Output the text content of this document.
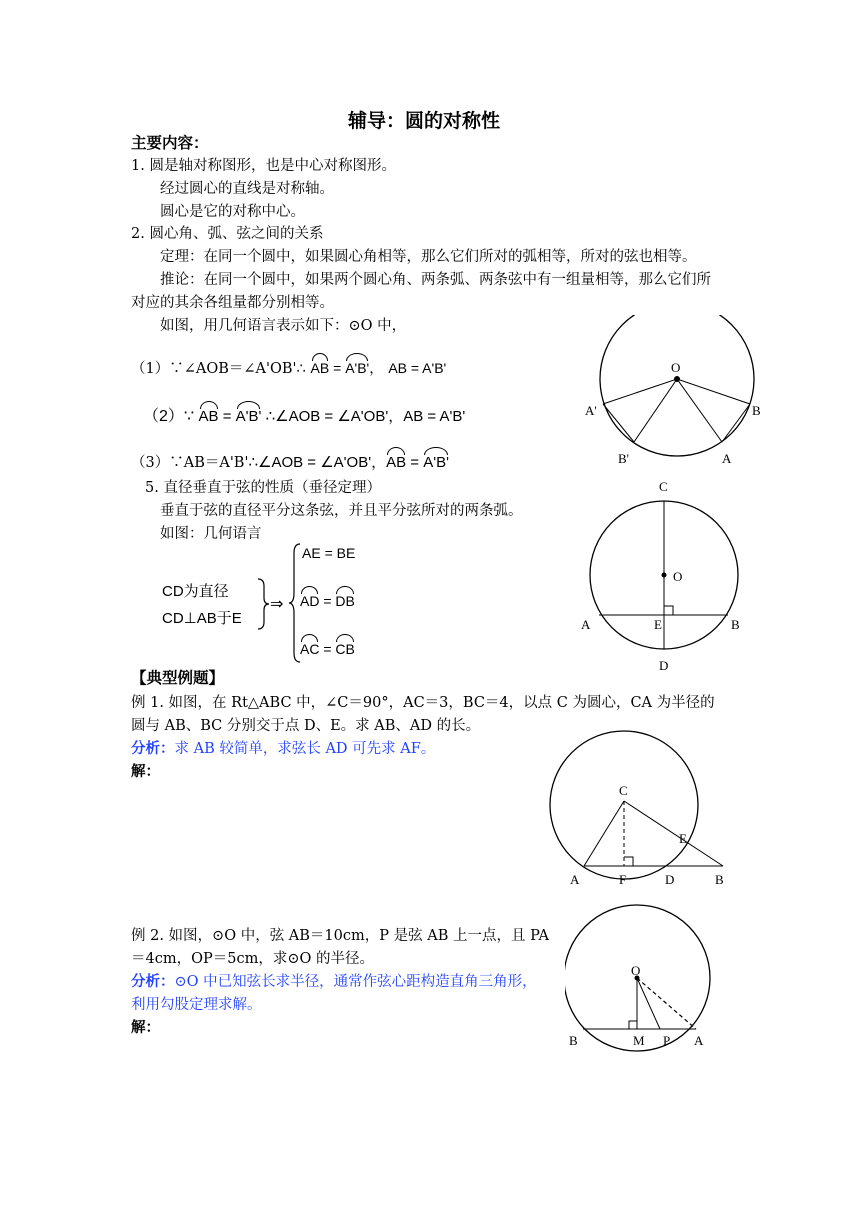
辅导：圆的对称性
主要内容：
1. 圆是轴对称图形，也是中心对称图形。
经过圆心的直线是对称轴。
圆心是它的对称中心。
2. 圆心角、弧、弦之间的关系
定理：在同一个圆中，如果圆心角相等，那么它们所对的弧相等，所对的弦也相等。
推论：在同一个圆中，如果两个圆心角、两条弧、两条弦中有一组量相等，那么它们所
对应的其余各组量都分别相等。
如图，用几何语言表示如下：⊙O 中，
（1）∵∠AOB＝∠A'OB'∴ AB = A'B'， AB = A'B'
（2）∵ AB = A'B' ∴∠AOB = ∠A'OB'，AB = A'B'
（3）∵AB＝A'B'∴∠AOB = ∠A'OB'，AB = A'B'
5. 直径垂直于弦的性质（垂径定理）
垂直于弦的直径平分这条弦，并且平分弦所对的两条弧。
如图：几何语言
CD为直径
CD⊥AB于E
⇒
AE = BE
AD = DB
AC = CB
【典型例题】
例 1. 如图，在 Rt△ABC 中，∠C＝90°，AC＝3，BC＝4，以点 C 为圆心，CA 为半径的
圆与 AB、BC 分别交于点 D、E。求 AB、AD 的长。
分析：求 AB 较简单，求弦长 AD 可先求 AF。
解：
例 2. 如图，⊙O 中，弦 AB＝10cm，P 是弦 AB 上一点，且 PA
＝4cm，OP＝5cm，求⊙O 的半径。
分析：⊙O 中已知弦长求半径，通常作弦心距构造直角三角形，
利用勾股定理求解。
解：
O
A'	B
B'	A
C
O
A	E	B
D
C
E
A	F	D	B
O
B	M P A
